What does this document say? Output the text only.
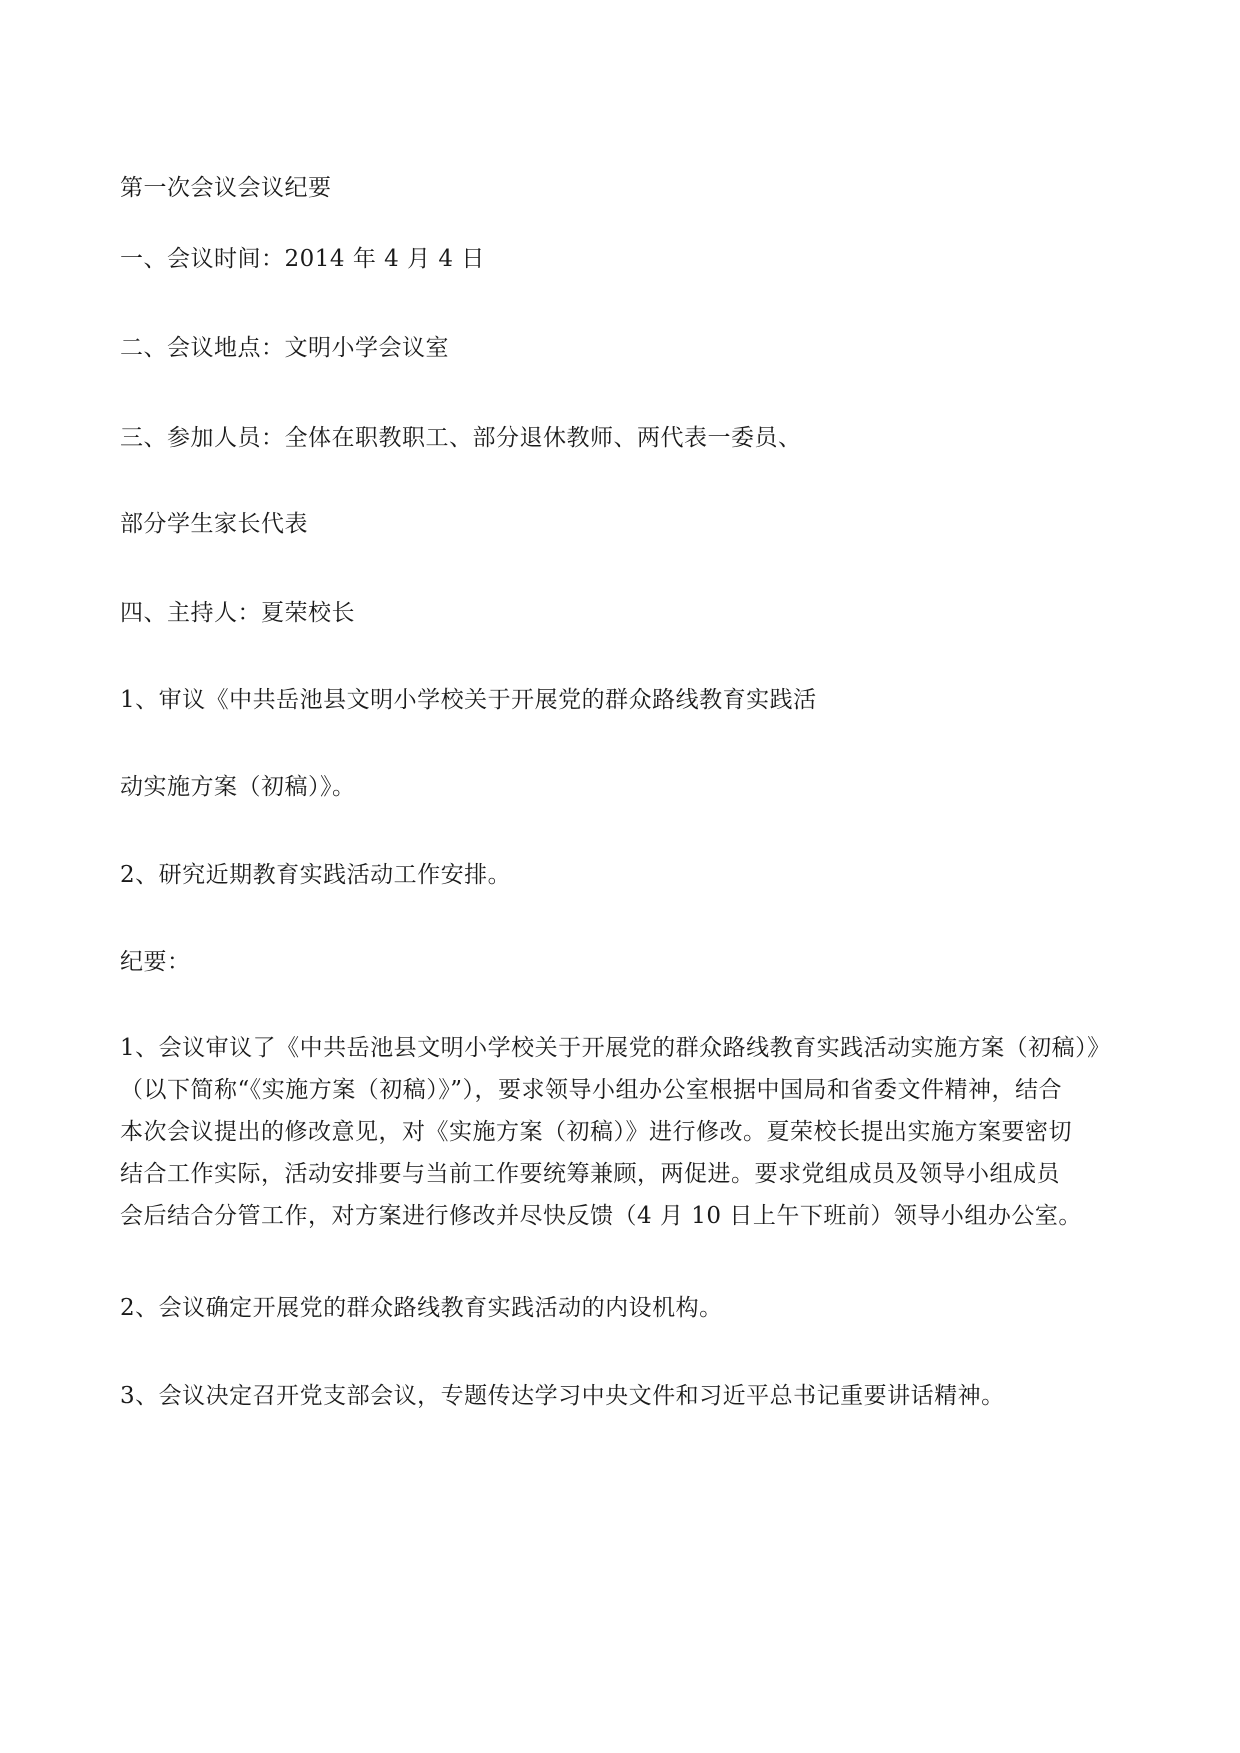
第一次会议会议纪要
一、会议时间：2014 年 4 月 4 日
二、会议地点：文明小学会议室
三、参加人员：全体在职教职工、部分退休教师、两代表一委员、
部分学生家长代表
四、主持人：夏荣校长
1、审议《中共岳池县文明小学校关于开展党的群众路线教育实践活
动实施方案（初稿）》。
2、研究近期教育实践活动工作安排。
纪要：
1、会议审议了《中共岳池县文明小学校关于开展党的群众路线教育实践活动实施方案（初稿）》
（以下简称“《实施方案（初稿）》”），要求领导小组办公室根据中国局和省委文件精神，结合
本次会议提出的修改意见，对《实施方案（初稿）》进行修改。夏荣校长提出实施方案要密切
结合工作实际，活动安排要与当前工作要统筹兼顾，两促进。要求党组成员及领导小组成员
会后结合分管工作，对方案进行修改并尽快反馈（4 月 10 日上午下班前）领导小组办公室。
2、会议确定开展党的群众路线教育实践活动的内设机构。
3、会议决定召开党支部会议，专题传达学习中央文件和习近平总书记重要讲话精神。
